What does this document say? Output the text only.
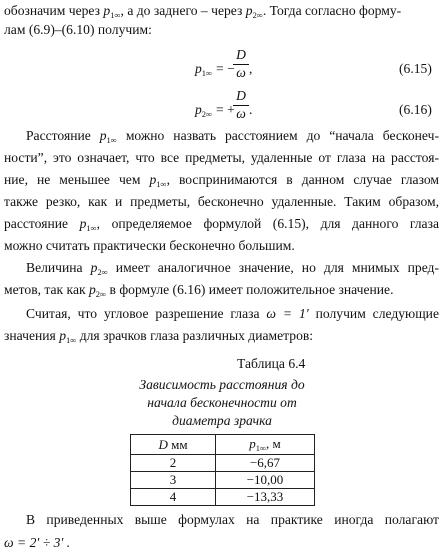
обозначим через $p_{1\infty}$, а до заднего – через $p_{2\infty}$. Тогда согласно форму-
лам (6.9)–(6.10) получим:
$p_{1\infty}$ = −
D
ω ,	(6.15)
$p_{2\infty}$ = +
D
ω .	(6.16)
Расстояние $p_{1\infty}$ можно назвать расстоянием до “начала бесконеч-
ности”, это означает, что все предметы, удаленные от глаза на расстоя-
ние, не меньшее чем $p_{1\infty}$, воспринимаются в данном случае глазом
также резко, как и предметы, бесконечно удаленные. Таким образом,
расстояние $p_{1\infty}$, определяемое формулой (6.15), для данного глаза
можно считать практически бесконечно большим.
Величина $p_{2\infty}$ имеет аналогичное значение, но для мнимых пред-
метов, так как $p_{2\infty}$ в формуле (6.16) имеет положительное значение.
Считая, что угловое разрешение глаза ω = 1′ получим следующие
значения $p_{1\infty}$ для зрачков глаза различных диаметров:
Таблица 6.4
Зависимость расстояния до
начала бесконечности от
диаметра зрачка
D мм	$p_{1\infty}$, м
2	−6,67
3	−10,00
4	−13,33
В приведенных выше формулах на практике иногда полагают
ω = 2′ ÷ 3′ .
